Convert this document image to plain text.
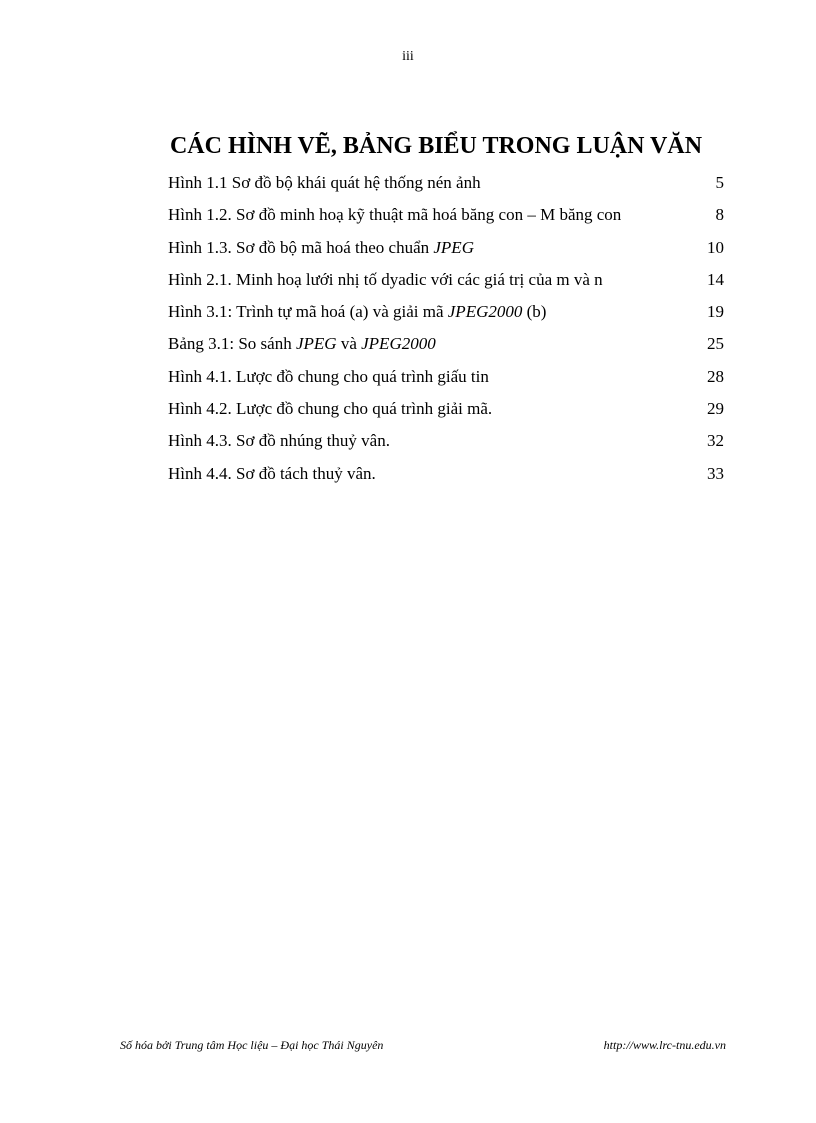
iii
CÁC HÌNH VẼ, BẢNG BIỂU TRONG LUẬN VĂN
Hình 1.1 Sơ đồ bộ khái quát hệ thống nén ảnh	5
Hình 1.2. Sơ đồ minh hoạ kỹ thuật mã hoá băng con – M băng con	8
Hình 1.3. Sơ đồ bộ mã hoá theo chuẩn JPEG	10
Hình 2.1. Minh hoạ lưới nhị tố dyadic với các giá trị của m và n	14
Hình 3.1: Trình tự mã hoá (a) và giải mã JPEG2000 (b)	19
Bảng 3.1: So sánh JPEG và JPEG2000	25
Hình 4.1. Lược đồ chung cho quá trình giấu tin	28
Hình 4.2. Lược đồ chung cho quá trình giải mã.	29
Hình 4.3. Sơ đồ nhúng thuỷ vân.	32
Hình 4.4. Sơ đồ tách thuỷ vân.	33
Số hóa bởi Trung tâm Học liệu – Đại học Thái Nguyên	http://www.lrc-tnu.edu.vn
